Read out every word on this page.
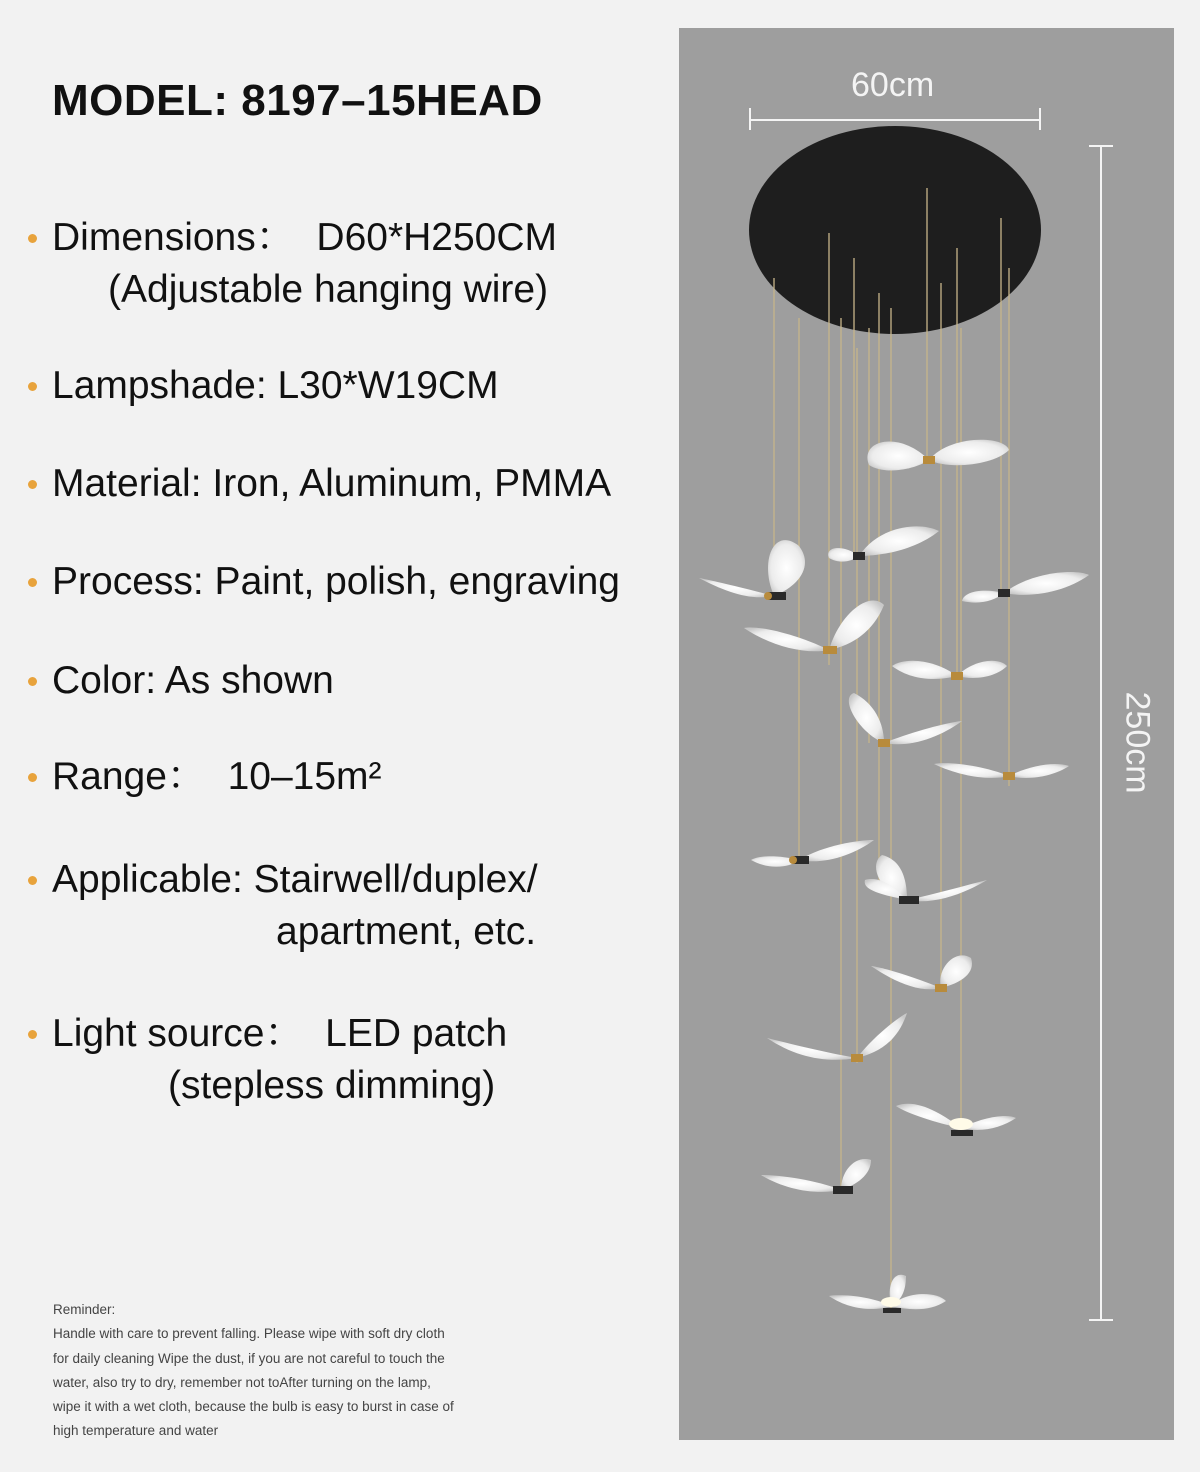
MODEL: 8197–15HEAD
Dimensions：  D60*H250CM
(Adjustable hanging wire)
Lampshade: L30*W19CM
Material: Iron, Aluminum, PMMA
Process: Paint, polish, engraving
Color: As shown
Range：  10–15m²
Applicable: Stairwell/duplex/
apartment, etc.
Light source：  LED patch
(stepless dimming)
Reminder:
Handle with care to prevent falling. Please wipe with soft dry cloth
for daily cleaning Wipe the dust, if you are not careful to touch the
water, also try to dry, remember not toAfter turning on the lamp,
wipe it with a wet cloth, because the bulb is easy to burst in case of
high temperature and water
60cm
250cm
